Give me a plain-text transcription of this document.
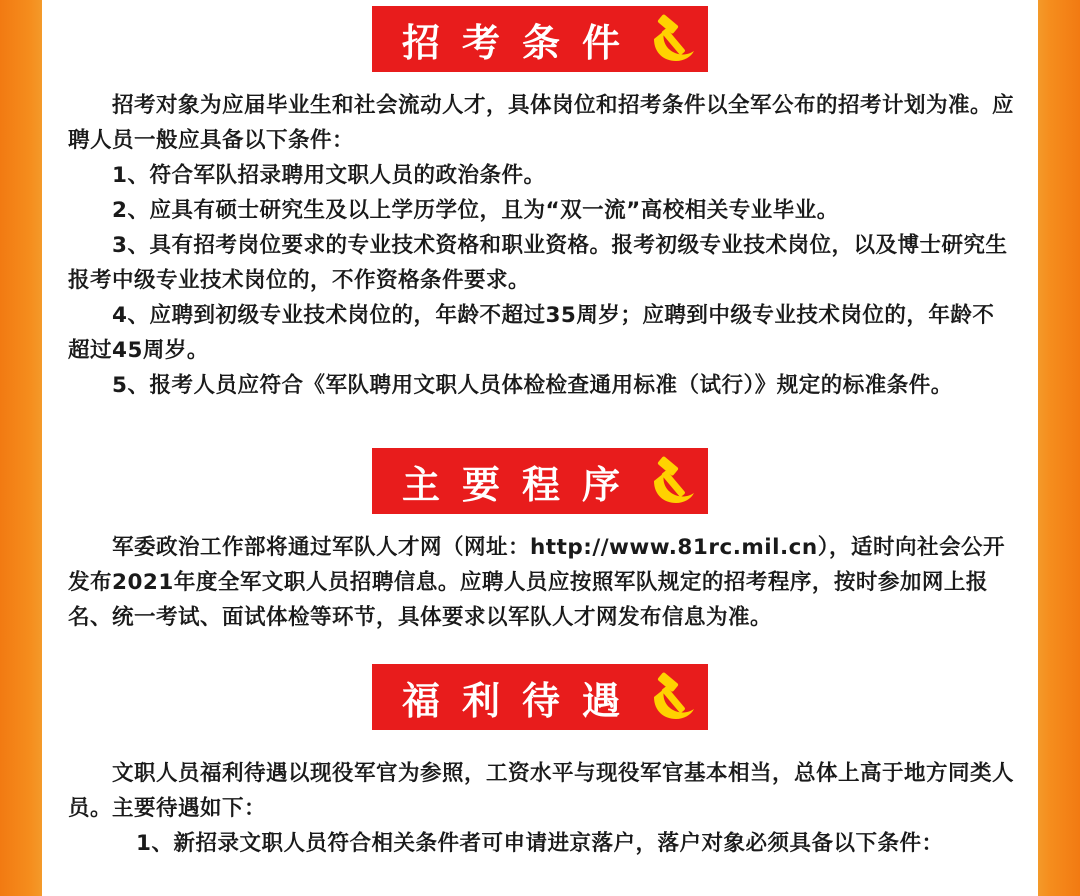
招考条件

招考对象为应届毕业生和社会流动人才，具体岗位和招考条件以全军公布的招考计划为准。应聘人员一般应具备以下条件：

1、符合军队招录聘用文职人员的政治条件。

2、应具有硕士研究生及以上学历学位，且为“双一流”高校相关专业毕业。

3、具有招考岗位要求的专业技术资格和职业资格。报考初级专业技术岗位，以及博士研究生报考中级专业技术岗位的，不作资格条件要求。

4、应聘到初级专业技术岗位的，年龄不超过35周岁；应聘到中级专业技术岗位的，年龄不超过45周岁。

5、报考人员应符合《军队聘用文职人员体检检查通用标准（试行）》规定的标准条件。

主要程序

军委政治工作部将通过军队人才网（网址：http://www.81rc.mil.cn），适时向社会公开发布2021年度全军文职人员招聘信息。应聘人员应按照军队规定的招考程序，按时参加网上报名、统一考试、面试体检等环节，具体要求以军队人才网发布信息为准。

福利待遇

文职人员福利待遇以现役军官为参照，工资水平与现役军官基本相当，总体上高于地方同类人员。主要待遇如下：

1、新招录文职人员符合相关条件者可申请进京落户，落户对象必须具备以下条件：
